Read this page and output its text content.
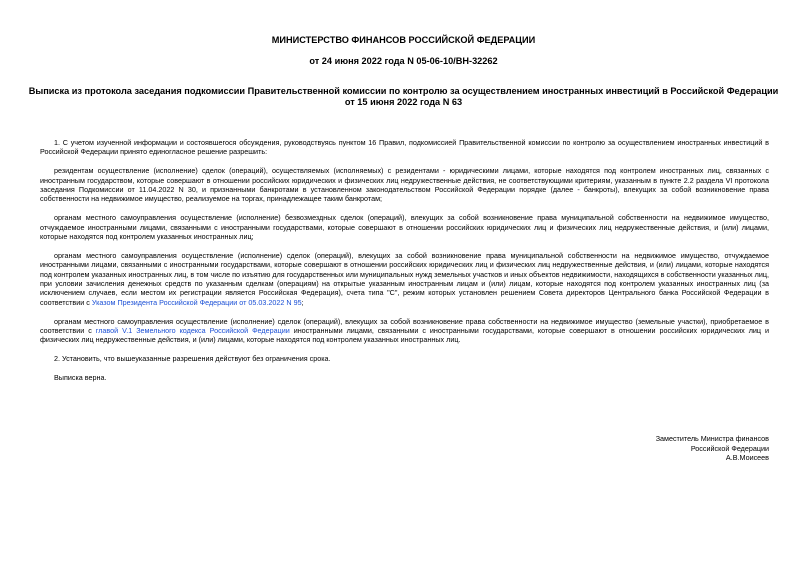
МИНИСТЕРСТВО ФИНАНСОВ РОССИЙСКОЙ ФЕДЕРАЦИИ
от 24 июня 2022 года N 05-06-10/ВН-32262
Выписка из протокола заседания подкомиссии Правительственной комиссии по контролю за осуществлением иностранных инвестиций в Российской Федерации
от 15 июня 2022 года N 63

1. С учетом изученной информации и состоявшегося обсуждения, руководствуясь пунктом 16 Правил, подкомиссией Правительственной комиссии по контролю за осуществлением иностранных инвестиций в Российской Федерации принято единогласное решение разрешить:

резидентам осуществление (исполнение) сделок (операций), осуществляемых (исполняемых) с резидентами - юридическими лицами, которые находятся под контролем иностранных лиц, связанных с иностранным государством, которые совершают в отношении российских юридических и физических лиц недружественные действия, не соответствующими критериям, указанным в пункте 2.2 раздела VI протокола заседания Подкомиссии от 11.04.2022 N 30, и признанными банкротами в установленном законодательством Российской Федерации порядке (далее - банкроты), влекущих за собой возникновение права собственности на недвижимое имущество, реализуемое на торгах, принадлежащее таким банкротам;

органам местного самоуправления осуществление (исполнение) безвозмездных сделок (операций), влекущих за собой возникновение права муниципальной собственности на недвижимое имущество, отчуждаемое иностранными лицами, связанными с иностранными государствами, которые совершают в отношении российских юридических лиц и физических лиц недружественные действия, и (или) лицами, которые находятся под контролем указанных иностранных лиц;

органам местного самоуправления осуществление (исполнение) сделок (операций), влекущих за собой возникновение права муниципальной собственности на недвижимое имущество, отчуждаемое иностранными лицами, связанными с иностранными государствами, которые совершают в отношении российских юридических лиц и физических лиц недружественные действия, и (или) лицами, которые находятся под контролем указанных иностранных лиц, в том числе по изъятию для государственных или муниципальных нужд земельных участков и иных объектов недвижимости, находящихся в собственности указанных лиц, при условии зачисления денежных средств по указанным сделкам (операциям) на открытые указанным иностранным лицам и (или) лицам, которые находятся под контролем указанных иностранных лиц (за исключением случаев, если местом их регистрации является Российская Федерация), счета типа "С", режим которых установлен решением Совета директоров Центрального банка Российской Федерации в соответствии с Указом Президента Российской Федерации от 05.03.2022 N 95;

органам местного самоуправления осуществление (исполнение) сделок (операций), влекущих за собой возникновение права собственности на недвижимое имущество (земельные участки), приобретаемое в соответствии с главой V.1 Земельного кодекса Российской Федерации иностранными лицами, связанными с иностранными государствами, которые совершают в отношении российских юридических лиц и физических лиц недружественные действия, и (или) лицами, которые находятся под контролем указанных иностранных лиц.

2. Установить, что вышеуказанные разрешения действуют без ограничения срока.

Выписка верна.

Заместитель Министра финансов
Российской Федерации
А.В.Моисеев
